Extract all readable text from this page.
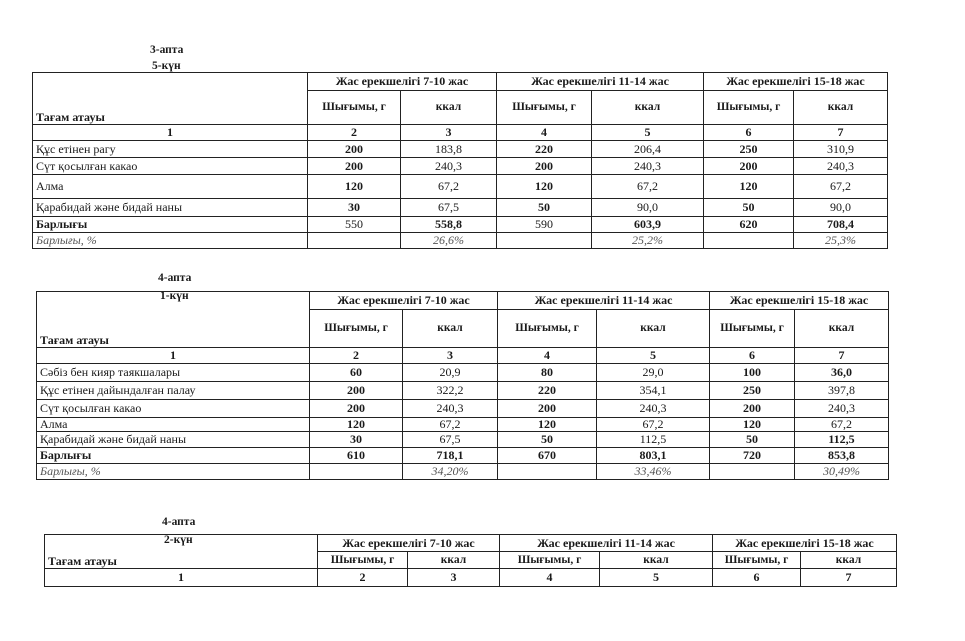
3-апта
5-күн
Тағам атауы	Жас ерекшелігі 7-10 жас		Жас ерекшелігі 11-14 жас		Жас ерекшелігі 15-18 жас	
	Шығымы, г	ккал	Шығымы, г	ккал	Шығымы, г	ккал
1	2	3	4	5	6	7
Құс етінен рагу	200	183,8	220	206,4	250	310,9
Сүт қосылған какао	200	240,3	200	240,3	200	240,3
Алма	120	67,2	120	67,2	120	67,2
Қарабидай және бидай наны	30	67,5	50	90,0	50	90,0
Барлығы	550	558,8	590	603,9	620	708,4
Барлығы, %		26,6%		25,2%		25,3%
4-апта
1-күн
Тағам атауы	Жас ерекшелігі 7-10 жас		Жас ерекшелігі 11-14 жас		Жас ерекшелігі 15-18 жас	
	Шығымы, г	ккал	Шығымы, г	ккал	Шығымы, г	ккал
1	2	3	4	5	6	7
Сәбіз бен кияр таякшалары	60	20,9	80	29,0	100	36,0
Құс етінен дайындалған палау	200	322,2	220	354,1	250	397,8
Сүт қосылған какао	200	240,3	200	240,3	200	240,3
Алма	120	67,2	120	67,2	120	67,2
Қарабидай және бидай наны	30	67,5	50	112,5	50	112,5
Барлығы	610	718,1	670	803,1	720	853,8
Барлығы, %		34,20%		33,46%		30,49%
4-апта
2-күн
Тағам атауы	Жас ерекшелігі 7-10 жас		Жас ерекшелігі 11-14 жас		Жас ерекшелігі 15-18 жас	
	Шығымы, г	ккал	Шығымы, г	ккал	Шығымы, г	ккал
1	2	3	4	5	6	7
